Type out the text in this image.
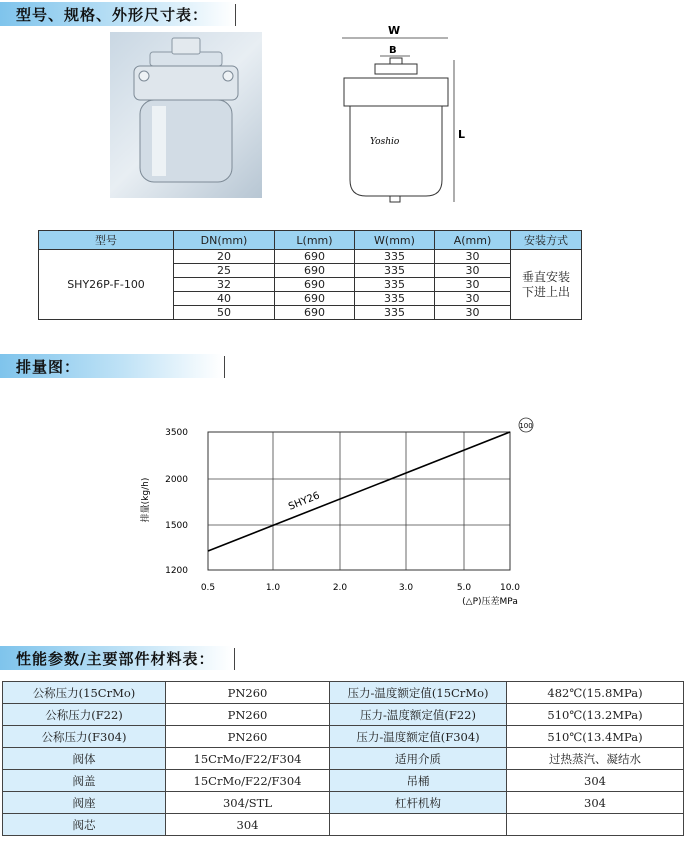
型号、规格、外形尺寸表：
W
B
L
Yoshio
型号	DN(mm)	L(mm)	W(mm)	A(mm)	安装方式
SHY26P-F-100	20	690	335	30	垂直安装
下进上出
	25	690	335	30	
	32	690	335	30	
	40	690	335	30	
	50	690	335	30	
排量图：
0.5	1.0	2.0	3.0	5.0	10.0
1200
1500
2000
3500
排量(kg/h)
(△P)压差MPa
SHY26
100
性能参数/主要部件材料表：
公称压力(15CrMo)	PN260	压力-温度额定值(15CrMo)	482℃(15.8MPa)
公称压力(F22)	PN260	压力-温度额定值(F22)	510℃(13.2MPa)
公称压力(F304)	PN260	压力-温度额定值(F304)	510℃(13.4MPa)
阀体	15CrMo/F22/F304	适用介质	过热蒸汽、凝结水
阀盖	15CrMo/F22/F304	吊桶	304
阀座	304/STL	杠杆机构	304
阀芯	304		
